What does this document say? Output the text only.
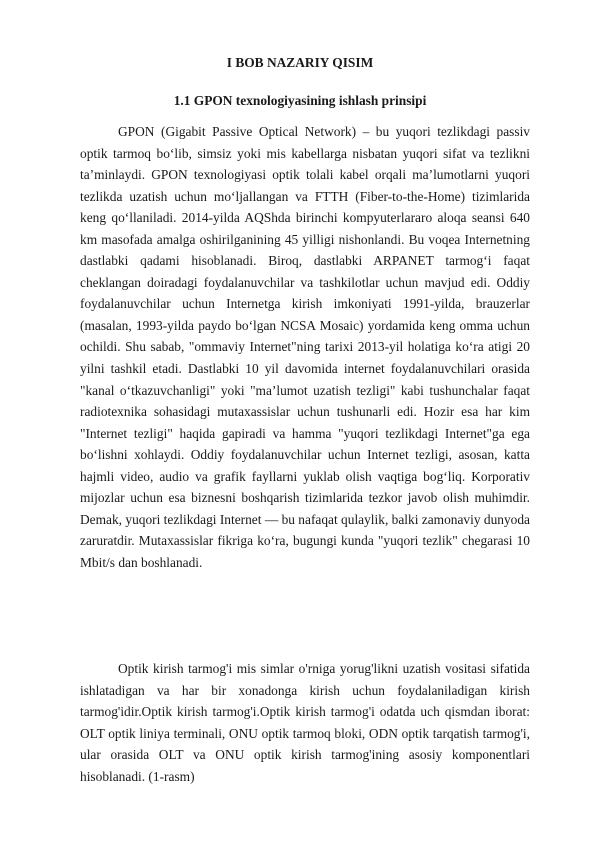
I BOB NAZARIY QISIM
1.1 GPON texnologiyasining ishlash prinsipi

GPON (Gigabit Passive Optical Network) – bu yuqori tezlikdagi passiv optik tarmoq bo‘lib, simsiz yoki mis kabellarga nisbatan yuqori sifat va tezlikni ta’minlaydi. GPON texnologiyasi optik tolali kabel orqali ma’lumotlarni yuqori tezlikda uzatish uchun mo‘ljallangan va FTTH (Fiber-to-the-Home) tizimlarida keng qo‘llaniladi. 2014-yilda AQShda birinchi kompyuterlararo aloqa seansi 640 km masofada amalga oshirilganining 45 yilligi nishonlandi. Bu voqea Internetning dastlabki qadami hisoblanadi. Biroq, dastlabki ARPANET tarmog‘i faqat cheklangan doiradagi foydalanuvchilar va tashkilotlar uchun mavjud edi. Oddiy foydalanuvchilar uchun Internetga kirish imkoniyati 1991-yilda, brauzerlar (masalan, 1993-yilda paydo bo‘lgan NCSA Mosaic) yordamida keng omma uchun ochildi. Shu sabab, "ommaviy Internet"ning tarixi 2013-yil holatiga ko‘ra atigi 20 yilni tashkil etadi. Dastlabki 10 yil davomida internet foydalanuvchilari orasida "kanal o‘tkazuvchanligi" yoki "ma’lumot uzatish tezligi" kabi tushunchalar faqat radiotexnika sohasidagi mutaxassislar uchun tushunarli edi. Hozir esa har kim "Internet tezligi" haqida gapiradi va hamma "yuqori tezlikdagi Internet"ga ega bo‘lishni xohlaydi. Oddiy foydalanuvchilar uchun Internet tezligi, asosan, katta hajmli video, audio va grafik fayllarni yuklab olish vaqtiga bog‘liq. Korporativ mijozlar uchun esa biznesni boshqarish tizimlarida tezkor javob olish muhimdir. Demak, yuqori tezlikdagi Internet — bu nafaqat qulaylik, balki zamonaviy dunyoda zaruratdir. Mutaxassislar fikriga ko‘ra, bugungi kunda "yuqori tezlik" chegarasi 10 Mbit/s dan boshlanadi.

Optik kirish tarmog'i mis simlar o'rniga yorug'likni uzatish vositasi sifatida ishlatadigan va har bir xonadonga kirish uchun foydalaniladigan kirish tarmog'idir.Optik kirish tarmog'i.Optik kirish tarmog'i odatda uch qismdan iborat: OLT optik liniya terminali, ONU optik tarmoq bloki, ODN optik tarqatish tarmog'i, ular orasida OLT va ONU optik kirish tarmog'ining asosiy komponentlari hisoblanadi. (1-rasm)
